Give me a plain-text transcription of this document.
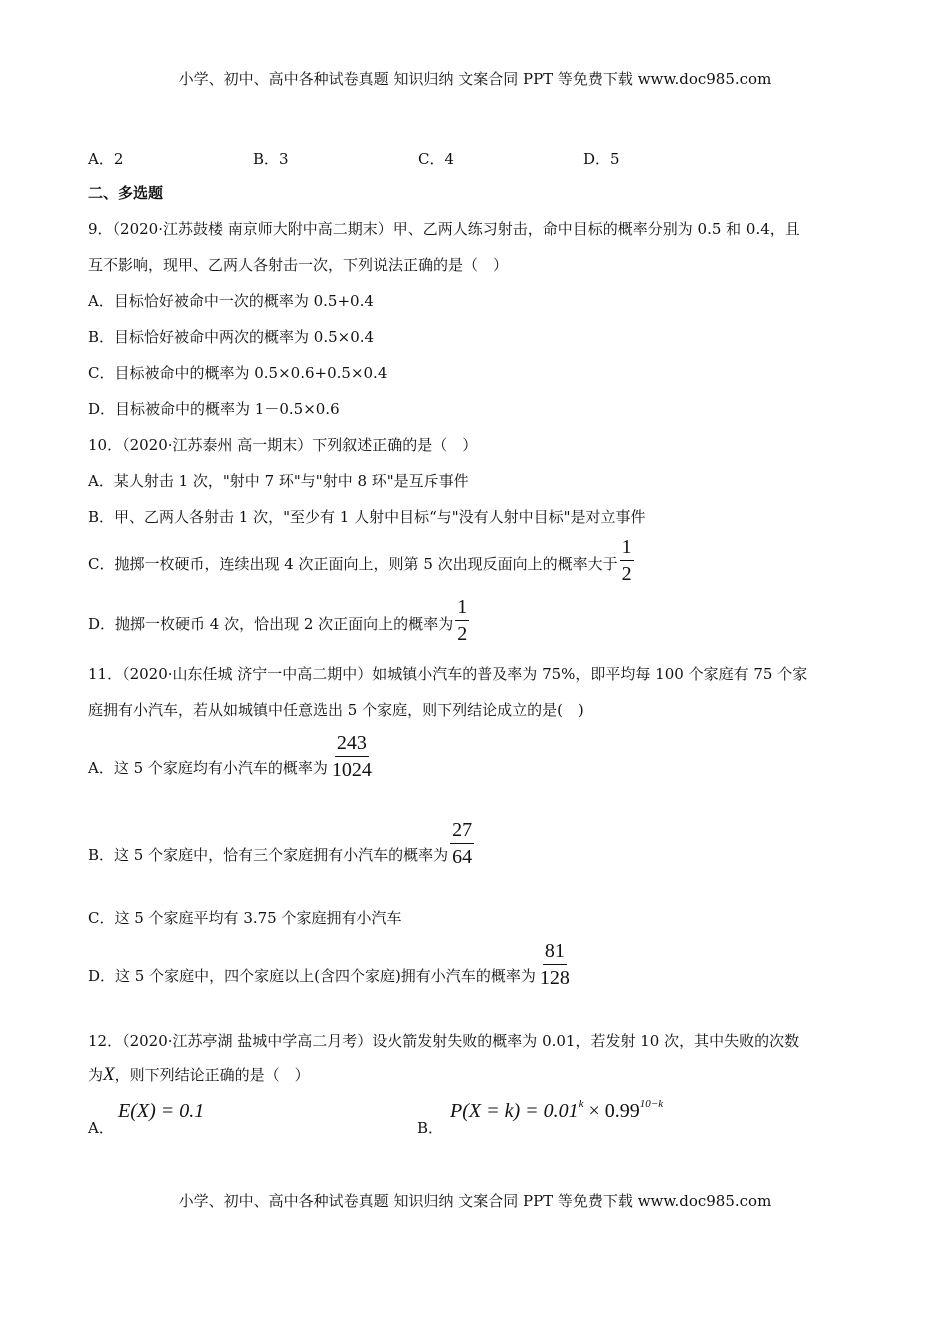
小学、初中、高中各种试卷真题 知识归纳 文案合同 PPT 等免费下载 www.doc985.com
A．2	B．3	C．4	D．5
二、多选题
9．（2020·江苏鼓楼 南京师大附中高二期末）甲、乙两人练习射击，命中目标的概率分别为 0.5 和 0.4，且
互不影响，现甲、乙两人各射击一次，下列说法正确的是（　）
A．目标恰好被命中一次的概率为 0.5+0.4
B．目标恰好被命中两次的概率为 0.5×0.4
C．目标被命中的概率为 0.5×0.6+0.5×0.4
D．目标被命中的概率为 1－0.5×0.6
10．（2020·江苏泰州 高一期末）下列叙述正确的是（　）
A．某人射击 1 次，"射中 7 环"与"射中 8 环"是互斥事件
B．甲、乙两人各射击 1 次，"至少有 1 人射中目标“与"没有人射中目标"是对立事件
C．抛掷一枚硬币，连续出现 4 次正面向上，则第 5 次出现反面向上的概率大于 $\frac{1}{2}$
D．抛掷一枚硬币 4 次，恰出现 2 次正面向上的概率为 $\frac{1}{2}$
11．（2020·山东任城 济宁一中高二期中）如城镇小汽车的普及率为 75%，即平均每 100 个家庭有 75 个家
庭拥有小汽车，若从如城镇中任意选出 5 个家庭，则下列结论成立的是(　)
A．这 5 个家庭均有小汽车的概率为 $\frac{243}{1024}$
B．这 5 个家庭中，恰有三个家庭拥有小汽车的概率为 $\frac{27}{64}$
C．这 5 个家庭平均有 3.75 个家庭拥有小汽车
D．这 5 个家庭中，四个家庭以上(含四个家庭)拥有小汽车的概率为 $\frac{81}{128}$
12．（2020·江苏亭湖 盐城中学高二月考）设火箭发射失败的概率为 0.01，若发射 10 次，其中失败的次数
为X，则下列结论正确的是（　）
A．
E(X) = 0.1
B．
$P(X = k) = 0.01^k \times 0.99^{10-k}$
小学、初中、高中各种试卷真题 知识归纳 文案合同 PPT 等免费下载 www.doc985.com
